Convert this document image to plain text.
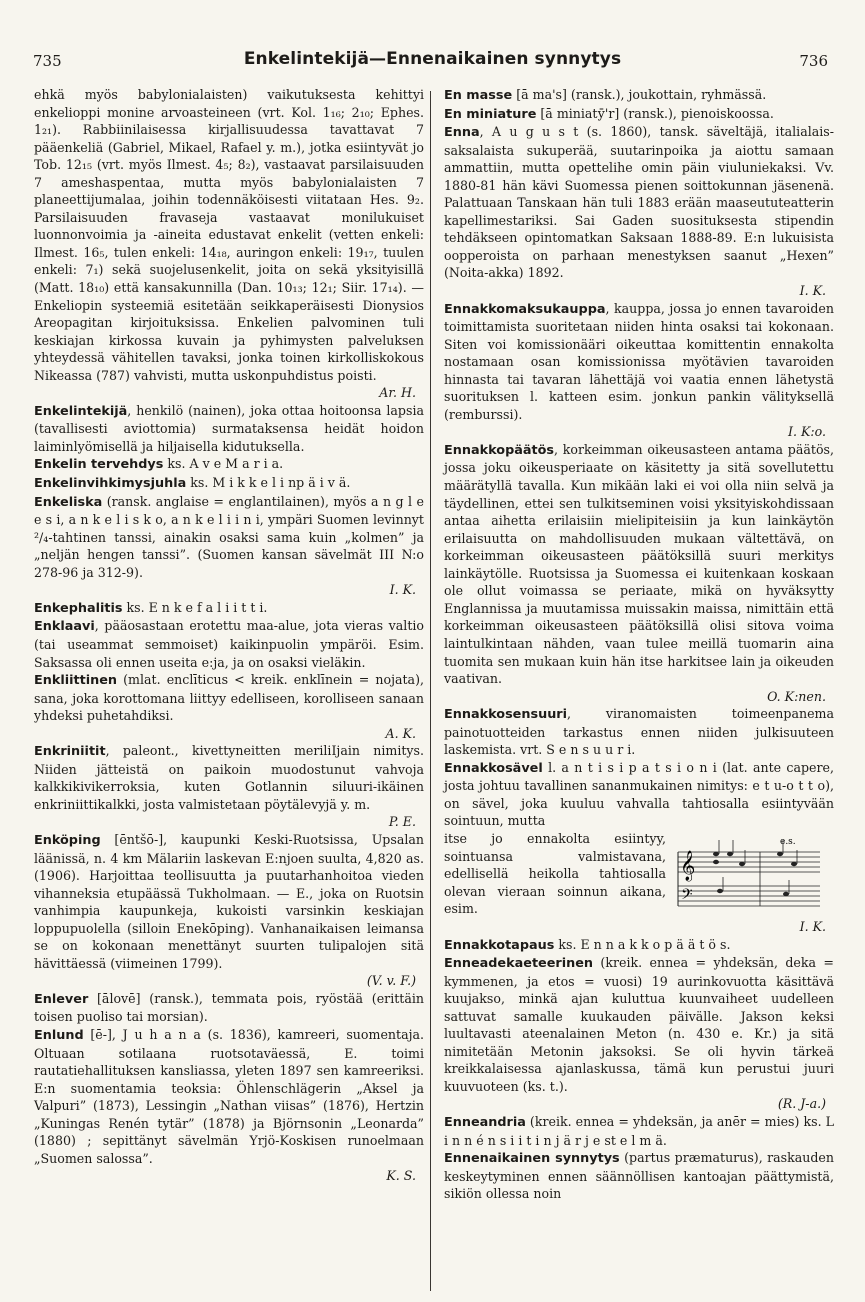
735	Enkelintekijä—Ennenaikainen synnytys	736

ehkä myös babylonialaisten) vaikutuksesta kehittyi enkelioppi monine arvoasteineen (vrt. Kol. 1₁₆; 2₁₀; Ephes. 1₂₁). Rabbiinilaisessa kirjallisuudessa tavattavat 7 pääenkeliä (Gabriel, Mikael, Rafael y. m.), jotka esiintyvät jo Tob. 12₁₅ (vrt. myös Ilmest. 4₅; 8₂), vastaavat parsilaisuuden 7 ameshaspentaa, mutta myös babylonialaisten 7 planeettijumalaa, joihin todennäköisesti viitataan Hes. 9₂. Parsilaisuuden fravaseja vastaavat monilukuiset luonnonvoimia ja -aineita edustavat enkelit (vetten enkeli: Ilmest. 16₅, tulen enkeli: 14₁₈, auringon enkeli: 19₁₇, tuulen enkeli: 7₁) sekä suojelusenkelit, joita on sekä yksityisillä (Matt. 18₁₀) että kansakunnilla (Dan. 10₁₃; 12₁; Siir. 17₁₄). — Enkeliopin systeemiä esitetään seikkaperäisesti Dionysios Areopagitan kirjoituksissa. Enkelien palvominen tuli keskiajan kirkossa kuvain ja pyhimysten palveluksen yhteydessä vähitellen tavaksi, jonka toinen kirkolliskokous Nikeassa (787) vahvisti, mutta uskonpuhdistus poisti.

Ar. H.

Enkelintekijä, henkilö (nainen), joka ottaa hoitoonsa lapsia (tavallisesti aviottomia) surmataksensa heidät hoidon laiminlyömisellä ja hiljaisella kidutuksella.

Enkelin tervehdys ks. A v e M a r i a.

Enkelinvihkimysjuhla ks. M i k k e l i np ä i v ä.

Enkeliska (ransk. anglaise = englantilainen), myös a n g l e e s i, a n k e l i s k o, a n k e l i i n i, ympäri Suomen levinnyt ²/₄-tahtinen tanssi, ainakin osaksi sama kuin „kolmen” ja „neljän hengen tanssi”. (Suomen kansan sävelmät III N:o 278-96 ja 312-9).

I. K.

Enkephalitis ks. E n k e f a l i i t t i.

Enklaavi, pääosastaan erotettu maa-alue, jota vieras valtio (tai useammat semmoiset) kaikinpuolin ympäröi. Esim. Saksassa oli ennen useita e:ja, ja on osaksi vieläkin.

Enkliittinen (mlat. enclīticus < kreik. enklīnein = nojata), sana, joka korottomana liittyy edelliseen, korolliseen sanaan yhdeksi puhetahdiksi.

A. K.

Enkriniitit, paleont., kivettyneitten meriliIjain nimitys. Niiden jätteistä on paikoin muodostunut vahvoja kalkkikivikerroksia, kuten Gotlannin siluuri-ikäinen enkriniittikalkki, josta valmistetaan pöytälevyjä y. m.

P. E.

Enköping [ēntšō-], kaupunki Keski-Ruotsissa, Upsalan läänissä, n. 4 km Mälariin laskevan E:njoen suulta, 4,820 as. (1906). Harjoittaa teollisuutta ja puutarhanhoitoa vieden vihanneksia etupäässä Tukholmaan. — E., joka on Ruotsin vanhimpia kaupunkeja, kukoisti varsinkin keskiajan loppupuolella (silloin Enekōping). Vanhanaikaisen leimansa se on kokonaan menettänyt suurten tulipalojen sitä hävittäessä (viimeinen 1799).

(V. v. F.)

Enlever [ālovē] (ransk.), temmata pois, ryöstää (erittäin toisen puoliso tai morsian).

Enlund [ē-], J u h a n a (s. 1836), kamreeri, suomentaja. Oltuaan sotilaana ruotsotaväessä, E. toimi rautatiehallituksen kansliassa, yleten 1897 sen kamreeriksi. E:n suomentamia teoksia: Öhlenschlägerin „Aksel ja Valpuri” (1873), Lessingin „Nathan viisas” (1876), Hertzin „Kuningas Renén tytär” (1878) ja Björnsonin „Leonarda” (1880) ; sepittänyt sävelmän Yrjö-Koskisen runoelmaan „Suomen salossa”.

K. S.

En masse [ā ma's] (ransk.), joukottain, ryhmässä.

En miniature [ā miniatӯ'r] (ransk.), pienoiskoossa.

Enna, A u g u s t (s. 1860), tansk. säveltäjä, italialais-saksalaista sukuperää, suutarinpoika ja aiottu samaan ammattiin, mutta opettelihe omin päin viuluniekaksi. Vv. 1880-81 hän kävi Suomessa pienen soittokunnan jäsenenä. Palattuaan Tanskaan hän tuli 1883 erään maaseututeatterin kapellimestariksi. Sai Gaden suosituksesta stipendin tehdäkseen opintomatkan Saksaan 1888-89. E:n lukuisista oopperoista on parhaan menestyksen saanut „Hexen” (Noita-akka) 1892.

I. K.

Ennakkomaksukauppa, kauppa, jossa jo ennen tavaroiden toimittamista suoritetaan niiden hinta osaksi tai kokonaan. Siten voi komissionääri oikeuttaa komittentin ennakolta nostamaan osan komissionissa myötävien tavaroiden hinnasta tai tavaran lähettäjä voi vaatia ennen lähetystä suorituksen l. katteen esim. jonkun pankin välityksellä (remburssi).

I. K:o.

Ennakkopäätös, korkeimman oikeusasteen antama päätös, jossa joku oikeusperiaate on käsitetty ja sitä sovellutettu määrätyllä tavalla. Kun mikään laki ei voi olla niin selvä ja täydellinen, ettei sen tulkitseminen voisi yksityiskohdissaan antaa aihetta erilaisiin mielipiteisiin ja kun lainkäytön erilaisuutta on mahdollisuuden mukaan vältettävä, on korkeimman oikeusasteen päätöksillä suuri merkitys lainkäytölle. Ruotsissa ja Suomessa ei kuitenkaan koskaan ole ollut voimassa se periaate, mikä on hyväksytty Englannissa ja muutamissa muissakin maissa, nimittäin että korkeimman oikeusasteen päätöksillä olisi sitova voima laintulkintaan nähden, vaan tulee meillä tuomarin aina tuomita sen mukaan kuin hän itse harkitsee lain ja oikeuden vaativan.

O. K:nen.

Ennakkosensuuri, viranomaisten toimeenpanema painotuotteiden tarkastus ennen niiden julkisuuteen laskemista. vrt. S e n s u u r i.

Ennakkosävel l. a n t i s i p a t s i o n i (lat. ante capere, josta johtuu tavallinen sananmukainen nimitys: e t u-o t t o), on sävel, joka kuuluu vahvalla tahtiosalla esiintyvään sointuun, mutta

itse jo ennakolta esiintyy, sointuansa valmistavana, edellisellä heikolla tahtiosalla olevan vieraan soinnun aikana, esim.

e.s.
𝄞
𝄢
I. K.

Ennakkotapaus ks. E n n a k k o p ä ä t ö s.

Enneadekaeteerinen (kreik. ennea = yhdeksän, deka = kymmenen, ja etos = vuosi) 19 aurinkovuotta käsittävä kuujakso, minkä ajan kuluttua kuunvaiheet uudelleen sattuvat samalle kuukauden päivälle. Jakson keksi luultavasti ateenalainen Meton (n. 430 e. Kr.) ja sitä nimitetään Metonin jaksoksi. Se oli hyvin tärkeä kreikkalaisessa ajanlaskussa, tämä kun perustui juuri kuuvuoteen (ks. t.).

(R. J-a.)

Enneandria (kreik. ennea = yhdeksän, ja anēr = mies) ks. L i n n é n s i i t i n j ä r j e st e l m ä.

Ennenaikainen synnytys (partus præmaturus), raskauden keskeytyminen ennen säännöllisen kantoajan päättymistä, sikiön ollessa noin
